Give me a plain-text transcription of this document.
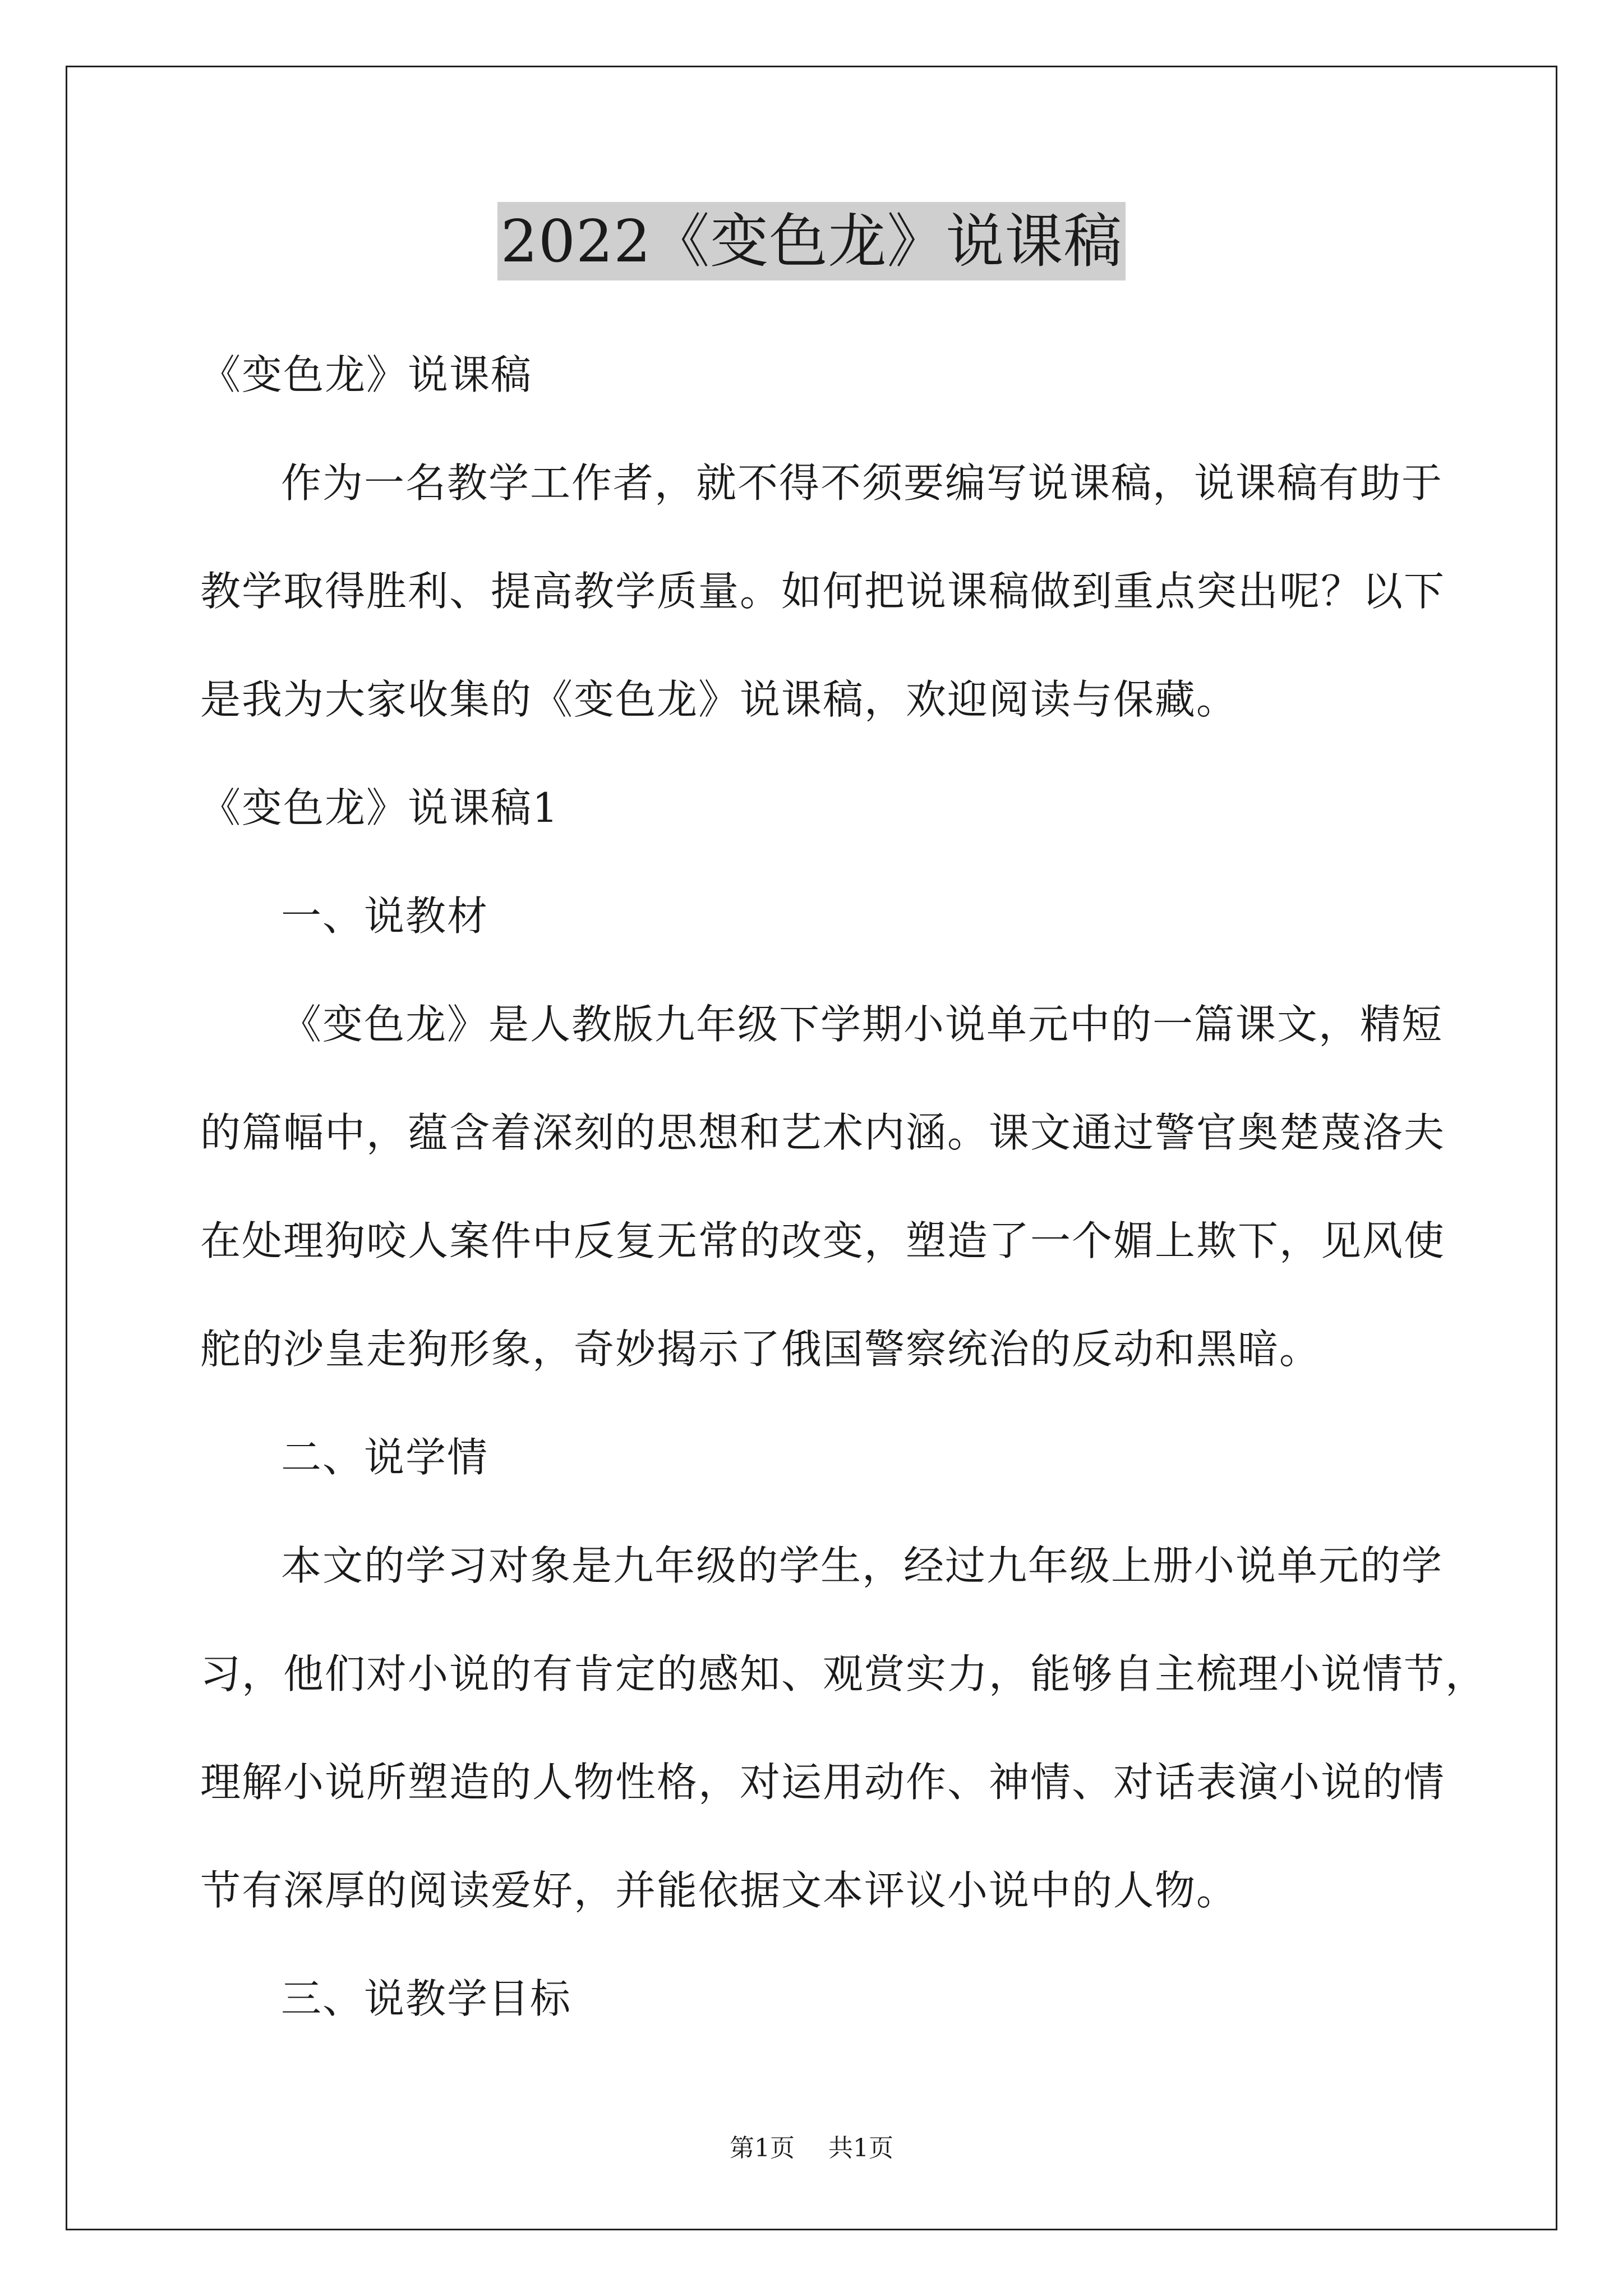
2022《变色龙》说课稿
《变色龙》说课稿
作为一名教学工作者，就不得不须要编写说课稿，说课稿有助于
教学取得胜利、提高教学质量。如何把说课稿做到重点突出呢？以下
是我为大家收集的《变色龙》说课稿，欢迎阅读与保藏。
《变色龙》说课稿1
一、说教材
《变色龙》是人教版九年级下学期小说单元中的一篇课文，精短
的篇幅中，蕴含着深刻的思想和艺术内涵。课文通过警官奥楚蔑洛夫
在处理狗咬人案件中反复无常的改变，塑造了一个媚上欺下，见风使
舵的沙皇走狗形象，奇妙揭示了俄国警察统治的反动和黑暗。
二、说学情
本文的学习对象是九年级的学生，经过九年级上册小说单元的学
习，他们对小说的有肯定的感知、观赏实力，能够自主梳理小说情节，
理解小说所塑造的人物性格，对运用动作、神情、对话表演小说的情
节有深厚的阅读爱好，并能依据文本评议小说中的人物。
三、说教学目标
第1页 共1页
